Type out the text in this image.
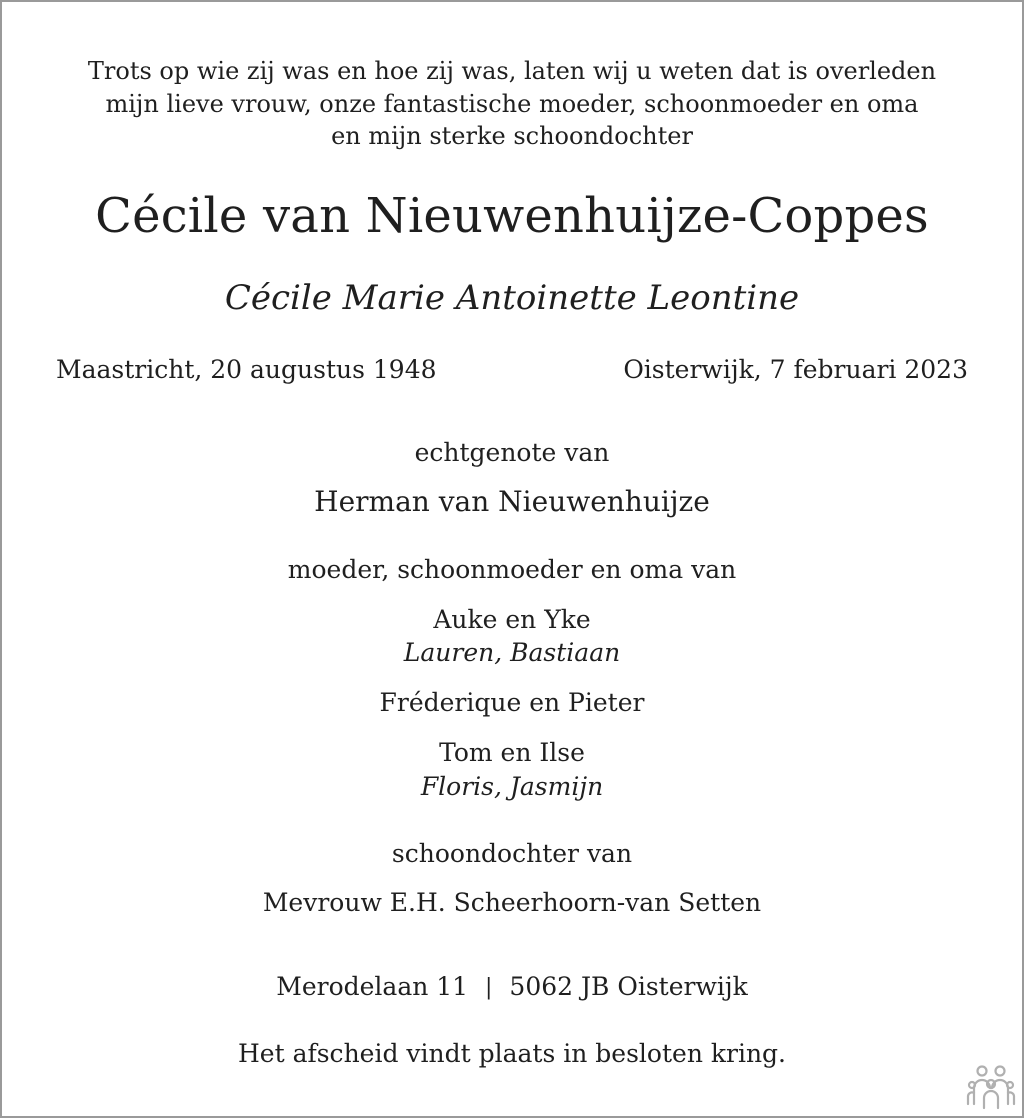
Trots op wie zij was en hoe zij was, laten wij u weten dat is overleden
mijn lieve vrouw, onze fantastische moeder, schoonmoeder en oma
en mijn sterke schoondochter
Cécile van Nieuwenhuijze-Coppes
Cécile Marie Antoinette Leontine
Maastricht, 20 augustus 1948	Oisterwijk, 7 februari 2023
echtgenote van
Herman van Nieuwenhuijze
moeder, schoonmoeder en oma van
Auke en Yke
Lauren, Bastiaan
Fréderique en Pieter
Tom en Ilse
Floris, Jasmijn
schoondochter van
Mevrouw E.H. Scheerhoorn-van Setten
Merodelaan 11 | 5062 JB Oisterwijk
Het afscheid vindt plaats in besloten kring.
